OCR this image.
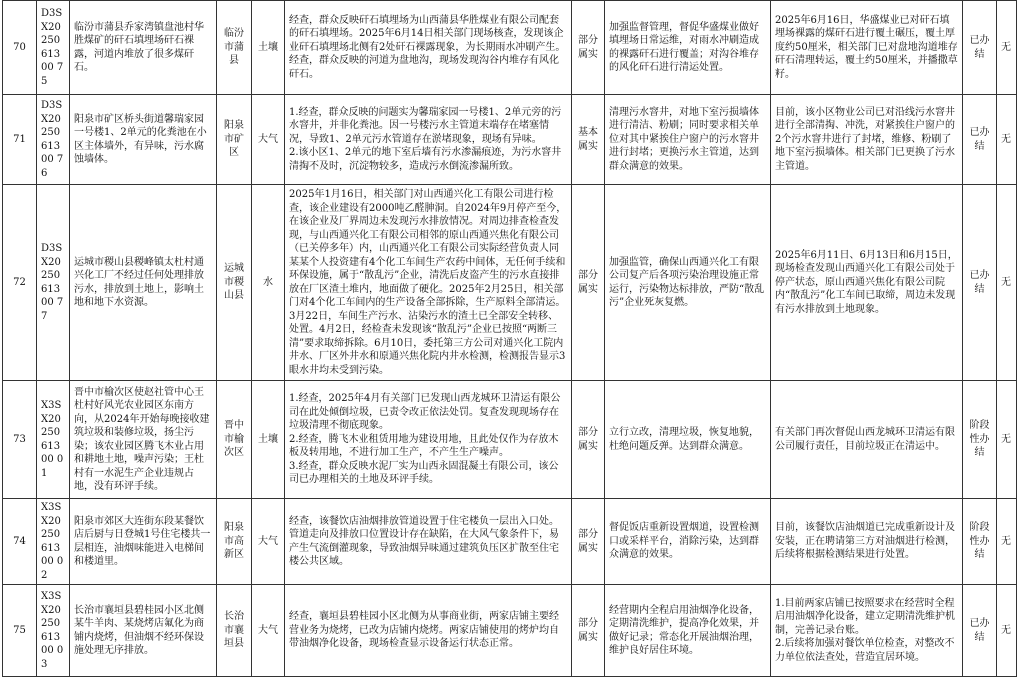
70	D3SX2025061300 75	临汾市蒲县乔家湾镇盘池村华胜煤矿的矸石填埋场矸石裸露，河道内堆放了很多煤矸石。	临汾市蒲县	土壤	经查，群众反映矸石填埋场为山西蒲县华胜煤业有限公司配套的矸石填埋场。2025年6月14日相关部门现场核查，发现该企业矸石填埋场北侧有2处矸石裸露现象，为长期雨水冲刷产生。经查，群众反映的河道为盘地沟，现场发现沟谷内堆存有风化矸石。	部分属实	加强监督管理，督促华盛煤业做好填埋场日常运维，对雨水冲刷造成的裸露矸石进行覆盖；对沟谷堆存的风化矸石进行清运处置。	2025年6月16日，华盛煤业已对矸石填埋场裸露的煤矸石进行覆土碾压，覆土厚度约50厘米，相关部门已对盘地沟道堆存矸石清理转运，覆土约50厘米，并播撒草籽。	已办结	无
71	D3SX2025061300 76	阳泉市矿区桥头街道馨瑞家园一号楼1、2单元的化粪池在小区主体墙外，有异味，污水腐蚀墙体。	阳泉市矿区	大气	1.经查，群众反映的问题实为馨瑞家园一号楼1、2单元旁的污水窨井，并非化粪池。因一号楼污水主管道末端存在堵塞情况，导致1、2单元污水管道存在淤堵现象，现场有异味。
2.该小区1、2单元的地下室后墙有污水渗漏痕迹，为污水窨井清掏不及时，沉淀物较多，造成污水倒流渗漏所致。	基本属实	清理污水窨井，对地下室污损墙体进行清洁、粉刷；同时要求相关单位对其中紧挨住户窗户的污水窨井进行封堵；更换污水主管道，达到群众满意的效果。	目前，该小区物业公司已对沿线污水窨井进行全部清掏、冲洗，对紧挨住户窗户的2个污水窨井进行了封堵，维修、粉刷了地下室污损墙体。相关部门已更换了污水主管道。	已办结	无
72	D3SX2025061300 77	运城市稷山县稷峰镇太杜村通兴化工厂不经过任何处理排放污水，排放到土地上，影响土地和地下水资源。	运城市稷山县	水	2025年1月16日，相关部门对山西通兴化工有限公司进行检查，该企业建设有2000吨乙醛胂洞。自2024年9月停产至今，在该企业及厂界周边未发现污水排放情况。对周边排查检查发现，与山西通兴化工有限公司相邻的原山西通兴焦化有限公司（已关停多年）内，山西通兴化工有限公司实际经营负责人同某某个人投资建有4个化工车间生产农药中间体，无任何手续和环保设施，属于“散乱污”企业，清洗后皮盗产生的污水直接排放在厂区渣土堆内，地面做了硬化。2025年2月25日，相关部门对4个化工车间内的生产设备全部拆除，生产原料全部清运。3月22日，车间生产污水、沾染污水的渣土已全部安全转移、处置。4月2日，经检查未发现该“散乱污”企业已按照“两断三清”要求取缔拆除。6月10日，委托第三方公司对通兴化工院内井水、厂区外井水和原通兴焦化院内井水检测，检测报告显示3眼水井均未受到污染。	部分属实	加强监管，确保山西通兴化工有限公司复产后各项污染治理设施正常运行，污染物达标排放，严防“散乱污”企业死灰复燃。	2025年6月11日、6月13日和6月15日，现场检查发现山西通兴化工有限公司处于停产状态，原山西通兴焦化有限公司院内“散乱污”化工车间已取缔，周边未发现有污水排放到土地现象。	已办结	无
73	X3SX2025061300 01	晋中市榆次区使赵社管中心王杜村好风光农业园区东南方向，从2024年开始每晚接收建筑垃圾和装修垃圾，扬尘污染；该农业园区腾飞木业占用和耕地土地，噪声污染；王杜村有一水泥生产企业违规占地，没有环评手续。	晋中市榆次区	土壤	1.经查，2025年4月有关部门已发现山西龙城环卫清运有限公司在此处倾倒垃圾，已责令改正依法处罚。复查发现现场存在垃圾清理不彻底现象。
2.经查，腾飞木业租赁用地为建设用地，且此处仅作为存放木板及转用地，不进行加工生产，不产生生产噪声。
3.经查，群众反映水泥厂实为山西永固混凝土有限公司，该公司已办理相关的土地及环评手续。	部分属实	立行立改，清理垃圾，恢复地貌，杜绝问题反弹。达到群众满意。	有关部门再次督促山西龙城环卫清运有限公司履行责任，目前垃圾正在清运中。	阶段性办结	无
74	X3SX2025061300 02	阳泉市郊区大连街东段某餐饮店后厨与日登城1号住宅楼共一层相连，油烟味能进入电梯间和楼道里。	阳泉市高新区	大气	经查，该餐饮店油烟排放管道设置于住宅楼负一层出入口处。管道走向及排放口位置设计存在缺陷，在大风气象条件下，易产生气流倒灌现象，导致油烟异味通过建筑负压区扩散至住宅楼公共区域。	部分属实	督促饭店重新设置烟道，设置检测口或采样平台，消除污染，达到群众满意的效果。	目前，该餐饮店油烟道已完成重新设计及安装，正在聘请第三方对油烟进行检测，后续将根据检测结果进行处置。	阶段性办结	无
75	X3SX2025061300 03	长治市襄垣县碧桂园小区北侧某牛羊肉、某烧烤店氟化为商铺内烧烤，但油烟不经环保设施处理无序排放。	长治市襄垣县	大气	经查，襄垣县碧桂园小区北侧为从事商业街，两家店铺主要经营业务为烧烤，已改为店铺内烧烤。两家店铺使用的烤炉均自带油烟净化设备，现场检查显示设备运行状态正常。	部分属实	经营期内全程启用油烟净化设备，定期清洗维护，提高净化效果，并做好记录；常态化开展油烟治理，维护良好居住环境。	1.目前两家店铺已按照要求在经营时全程启用油烟净化设备，建立定期清洗维护机制，完善记录台账。
2.后续将加强对餐饮单位检查，对整改不力单位依法查处，营造宜居环境。	已办结	无
